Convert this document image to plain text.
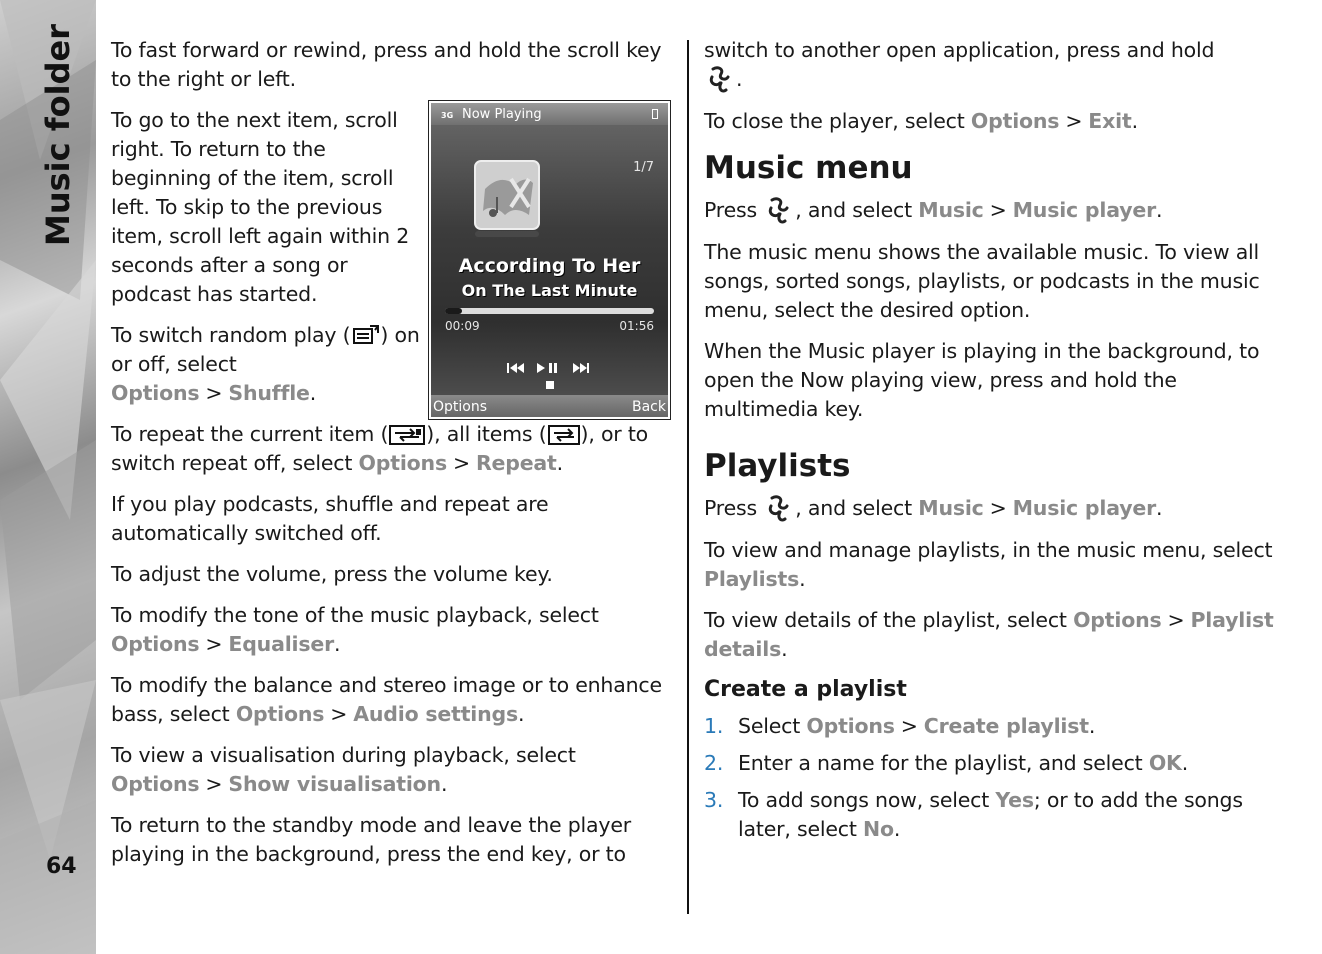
Music folder
64

To fast forward or rewind, press and hold the scroll key to the right or left.

To go to the next item, scroll right. To return to the beginning of the item, scroll left. To skip to the previous item, scroll left again within 2 seconds after a song or podcast has started.

To switch random play ( ) on or off, select Options > Shuffle.

To repeat the current item ( ), all items ( ), or to switch repeat off, select Options > Repeat.

If you play podcasts, shuffle and repeat are automatically switched off.

To adjust the volume, press the volume key.

To modify the tone of the music playback, select Options > Equaliser.

To modify the balance and stereo image or to enhance bass, select Options > Audio settings.

To view a visualisation during playback, select Options > Show visualisation.

To return to the standby mode and leave the player playing in the background, press the end key, or to

3G Now Playing
1/7
According To Her
On The Last Minute
00:09	01:56
Options	Back

switch to another open application, press and hold
.

To close the player, select Options > Exit.

Music menu

Press , and select Music > Music player.

The music menu shows the available music. To view all songs, sorted songs, playlists, or podcasts in the music menu, select the desired option.

When the Music player is playing in the background, to open the Now playing view, press and hold the multimedia key.

Playlists

Press , and select Music > Music player.

To view and manage playlists, in the music menu, select Playlists.

To view details of the playlist, select Options > Playlist details.

Create a playlist
1. Select Options > Create playlist.
2. Enter a name for the playlist, and select OK.
3. To add songs now, select Yes; or to add the songs later, select No.
